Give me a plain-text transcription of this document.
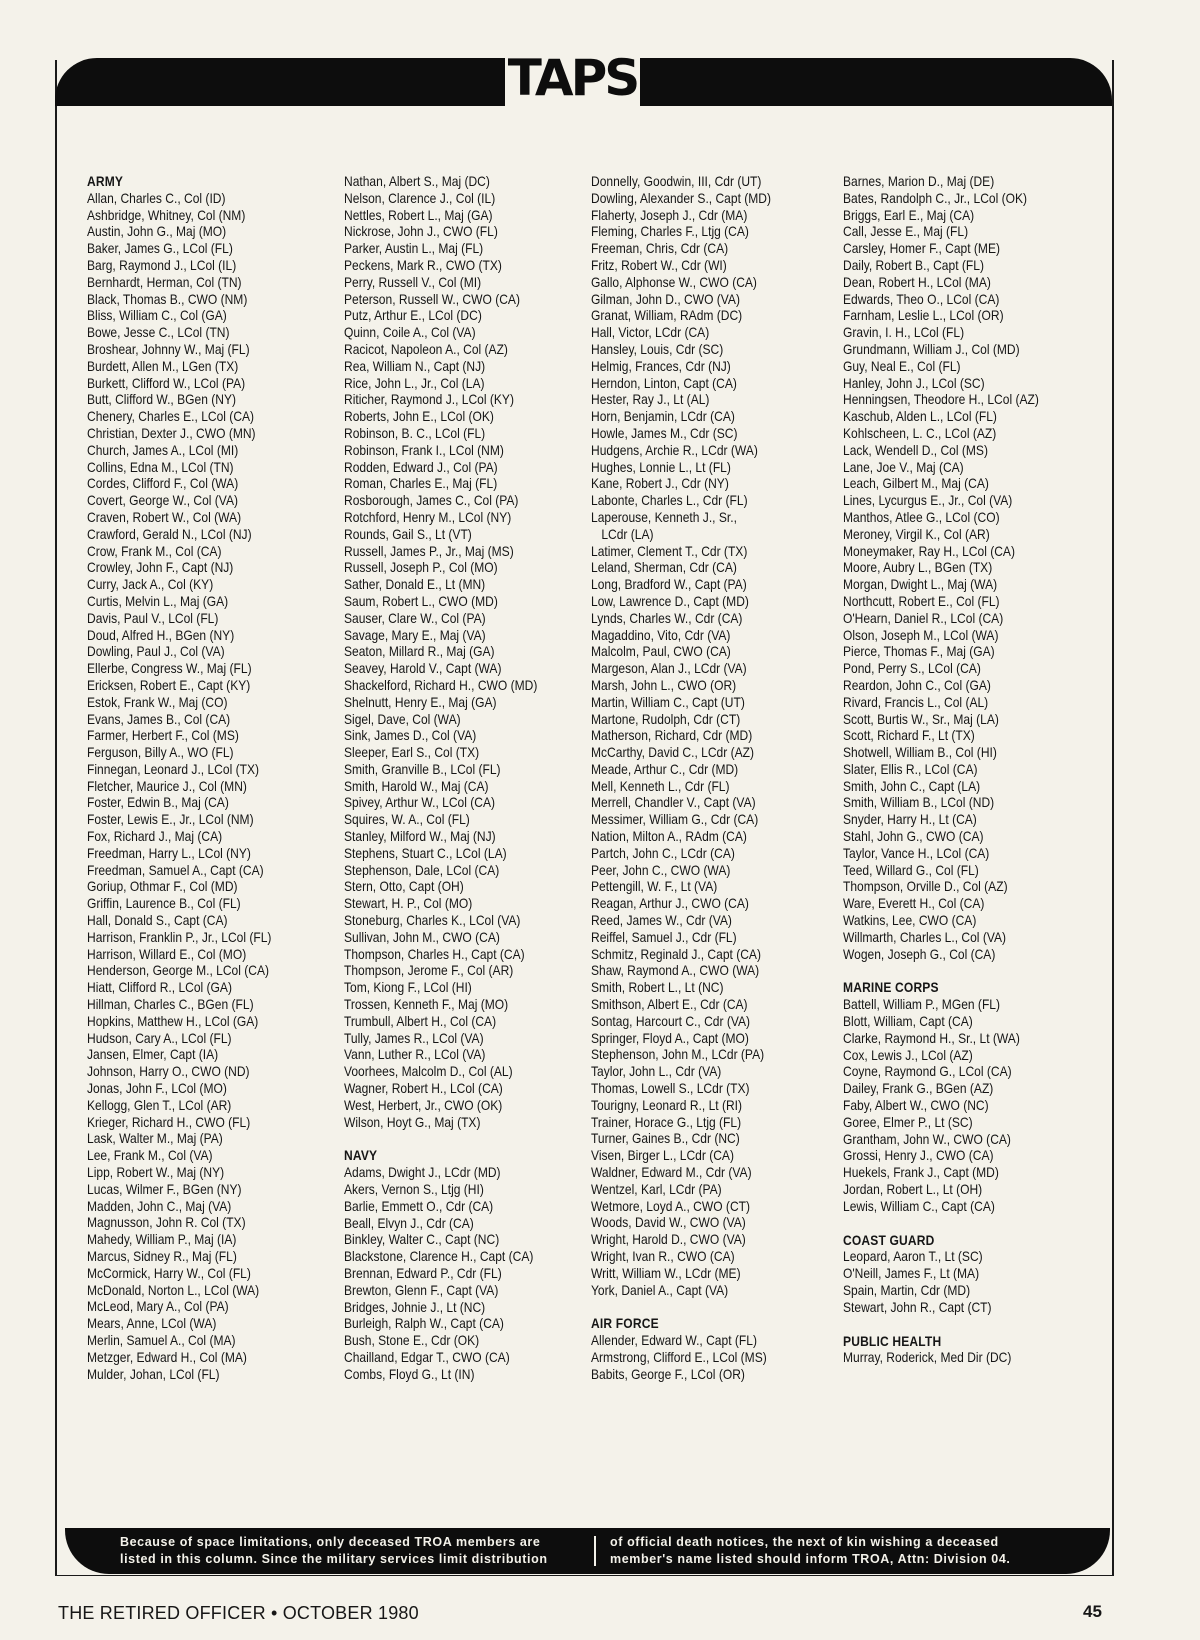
TAPS
ARMY
Allan, Charles C., Col (ID)
Ashbridge, Whitney, Col (NM)
Austin, John G., Maj (MO)
Baker, James G., LCol (FL)
Barg, Raymond J., LCol (IL)
Bernhardt, Herman, Col (TN)
Black, Thomas B., CWO (NM)
Bliss, William C., Col (GA)
Bowe, Jesse C., LCol (TN)
Broshear, Johnny W., Maj (FL)
Burdett, Allen M., LGen (TX)
Burkett, Clifford W., LCol (PA)
Butt, Clifford W., BGen (NY)
Chenery, Charles E., LCol (CA)
Christian, Dexter J., CWO (MN)
Church, James A., LCol (MI)
Collins, Edna M., LCol (TN)
Cordes, Clifford F., Col (WA)
Covert, George W., Col (VA)
Craven, Robert W., Col (WA)
Crawford, Gerald N., LCol (NJ)
Crow, Frank M., Col (CA)
Crowley, John F., Capt (NJ)
Curry, Jack A., Col (KY)
Curtis, Melvin L., Maj (GA)
Davis, Paul V., LCol (FL)
Doud, Alfred H., BGen (NY)
Dowling, Paul J., Col (VA)
Ellerbe, Congress W., Maj (FL)
Ericksen, Robert E., Capt (KY)
Estok, Frank W., Maj (CO)
Evans, James B., Col (CA)
Farmer, Herbert F., Col (MS)
Ferguson, Billy A., WO (FL)
Finnegan, Leonard J., LCol (TX)
Fletcher, Maurice J., Col (MN)
Foster, Edwin B., Maj (CA)
Foster, Lewis E., Jr., LCol (NM)
Fox, Richard J., Maj (CA)
Freedman, Harry L., LCol (NY)
Freedman, Samuel A., Capt (CA)
Goriup, Othmar F., Col (MD)
Griffin, Laurence B., Col (FL)
Hall, Donald S., Capt (CA)
Harrison, Franklin P., Jr., LCol (FL)
Harrison, Willard E., Col (MO)
Henderson, George M., LCol (CA)
Hiatt, Clifford R., LCol (GA)
Hillman, Charles C., BGen (FL)
Hopkins, Matthew H., LCol (GA)
Hudson, Cary A., LCol (FL)
Jansen, Elmer, Capt (IA)
Johnson, Harry O., CWO (ND)
Jonas, John F., LCol (MO)
Kellogg, Glen T., LCol (AR)
Krieger, Richard H., CWO (FL)
Lask, Walter M., Maj (PA)
Lee, Frank M., Col (VA)
Lipp, Robert W., Maj (NY)
Lucas, Wilmer F., BGen (NY)
Madden, John C., Maj (VA)
Magnusson, John R. Col (TX)
Mahedy, William P., Maj (IA)
Marcus, Sidney R., Maj (FL)
McCormick, Harry W., Col (FL)
McDonald, Norton L., LCol (WA)
McLeod, Mary A., Col (PA)
Mears, Anne, LCol (WA)
Merlin, Samuel A., Col (MA)
Metzger, Edward H., Col (MA)
Mulder, Johan, LCol (FL)
Nathan, Albert S., Maj (DC)
Nelson, Clarence J., Col (IL)
Nettles, Robert L., Maj (GA)
Nickrose, John J., CWO (FL)
Parker, Austin L., Maj (FL)
Peckens, Mark R., CWO (TX)
Perry, Russell V., Col (MI)
Peterson, Russell W., CWO (CA)
Putz, Arthur E., LCol (DC)
Quinn, Coile A., Col (VA)
Racicot, Napoleon A., Col (AZ)
Rea, William N., Capt (NJ)
Rice, John L., Jr., Col (LA)
Riticher, Raymond J., LCol (KY)
Roberts, John E., LCol (OK)
Robinson, B. C., LCol (FL)
Robinson, Frank I., LCol (NM)
Rodden, Edward J., Col (PA)
Roman, Charles E., Maj (FL)
Rosborough, James C., Col (PA)
Rotchford, Henry M., LCol (NY)
Rounds, Gail S., Lt (VT)
Russell, James P., Jr., Maj (MS)
Russell, Joseph P., Col (MO)
Sather, Donald E., Lt (MN)
Saum, Robert L., CWO (MD)
Sauser, Clare W., Col (PA)
Savage, Mary E., Maj (VA)
Seaton, Millard R., Maj (GA)
Seavey, Harold V., Capt (WA)
Shackelford, Richard H., CWO (MD)
Shelnutt, Henry E., Maj (GA)
Sigel, Dave, Col (WA)
Sink, James D., Col (VA)
Sleeper, Earl S., Col (TX)
Smith, Granville B., LCol (FL)
Smith, Harold W., Maj (CA)
Spivey, Arthur W., LCol (CA)
Squires, W. A., Col (FL)
Stanley, Milford W., Maj (NJ)
Stephens, Stuart C., LCol (LA)
Stephenson, Dale, LCol (CA)
Stern, Otto, Capt (OH)
Stewart, H. P., Col (MO)
Stoneburg, Charles K., LCol (VA)
Sullivan, John M., CWO (CA)
Thompson, Charles H., Capt (CA)
Thompson, Jerome F., Col (AR)
Tom, Kiong F., LCol (HI)
Trossen, Kenneth F., Maj (MO)
Trumbull, Albert H., Col (CA)
Tully, James R., LCol (VA)
Vann, Luther R., LCol (VA)
Voorhees, Malcolm D., Col (AL)
Wagner, Robert H., LCol (CA)
West, Herbert, Jr., CWO (OK)
Wilson, Hoyt G., Maj (TX)
NAVY
Adams, Dwight J., LCdr (MD)
Akers, Vernon S., Ltjg (HI)
Barlie, Emmett O., Cdr (CA)
Beall, Elvyn J., Cdr (CA)
Binkley, Walter C., Capt (NC)
Blackstone, Clarence H., Capt (CA)
Brennan, Edward P., Cdr (FL)
Brewton, Glenn F., Capt (VA)
Bridges, Johnie J., Lt (NC)
Burleigh, Ralph W., Capt (CA)
Bush, Stone E., Cdr (OK)
Chailland, Edgar T., CWO (CA)
Combs, Floyd G., Lt (IN)
Donnelly, Goodwin, III, Cdr (UT)
Dowling, Alexander S., Capt (MD)
Flaherty, Joseph J., Cdr (MA)
Fleming, Charles F., Ltjg (CA)
Freeman, Chris, Cdr (CA)
Fritz, Robert W., Cdr (WI)
Gallo, Alphonse W., CWO (CA)
Gilman, John D., CWO (VA)
Granat, William, RAdm (DC)
Hall, Victor, LCdr (CA)
Hansley, Louis, Cdr (SC)
Helmig, Frances, Cdr (NJ)
Herndon, Linton, Capt (CA)
Hester, Ray J., Lt (AL)
Horn, Benjamin, LCdr (CA)
Howle, James M., Cdr (SC)
Hudgens, Archie R., LCdr (WA)
Hughes, Lonnie L., Lt (FL)
Kane, Robert J., Cdr (NY)
Labonte, Charles L., Cdr (FL)
Laperouse, Kenneth J., Sr.,
LCdr (LA)
Latimer, Clement T., Cdr (TX)
Leland, Sherman, Cdr (CA)
Long, Bradford W., Capt (PA)
Low, Lawrence D., Capt (MD)
Lynds, Charles W., Cdr (CA)
Magaddino, Vito, Cdr (VA)
Malcolm, Paul, CWO (CA)
Margeson, Alan J., LCdr (VA)
Marsh, John L., CWO (OR)
Martin, William C., Capt (UT)
Martone, Rudolph, Cdr (CT)
Matherson, Richard, Cdr (MD)
McCarthy, David C., LCdr (AZ)
Meade, Arthur C., Cdr (MD)
Mell, Kenneth L., Cdr (FL)
Merrell, Chandler V., Capt (VA)
Messimer, William G., Cdr (CA)
Nation, Milton A., RAdm (CA)
Partch, John C., LCdr (CA)
Peer, John C., CWO (WA)
Pettengill, W. F., Lt (VA)
Reagan, Arthur J., CWO (CA)
Reed, James W., Cdr (VA)
Reiffel, Samuel J., Cdr (FL)
Schmitz, Reginald J., Capt (CA)
Shaw, Raymond A., CWO (WA)
Smith, Robert L., Lt (NC)
Smithson, Albert E., Cdr (CA)
Sontag, Harcourt C., Cdr (VA)
Springer, Floyd A., Capt (MO)
Stephenson, John M., LCdr (PA)
Taylor, John L., Cdr (VA)
Thomas, Lowell S., LCdr (TX)
Tourigny, Leonard R., Lt (RI)
Trainer, Horace G., Ltjg (FL)
Turner, Gaines B., Cdr (NC)
Visen, Birger L., LCdr (CA)
Waldner, Edward M., Cdr (VA)
Wentzel, Karl, LCdr (PA)
Wetmore, Loyd A., CWO (CT)
Woods, David W., CWO (VA)
Wright, Harold D., CWO (VA)
Wright, Ivan R., CWO (CA)
Writt, William W., LCdr (ME)
York, Daniel A., Capt (VA)
AIR FORCE
Allender, Edward W., Capt (FL)
Armstrong, Clifford E., LCol (MS)
Babits, George F., LCol (OR)
Barnes, Marion D., Maj (DE)
Bates, Randolph C., Jr., LCol (OK)
Briggs, Earl E., Maj (CA)
Call, Jesse E., Maj (FL)
Carsley, Homer F., Capt (ME)
Daily, Robert B., Capt (FL)
Dean, Robert H., LCol (MA)
Edwards, Theo O., LCol (CA)
Farnham, Leslie L., LCol (OR)
Gravin, I. H., LCol (FL)
Grundmann, William J., Col (MD)
Guy, Neal E., Col (FL)
Hanley, John J., LCol (SC)
Henningsen, Theodore H., LCol (AZ)
Kaschub, Alden L., LCol (FL)
Kohlscheen, L. C., LCol (AZ)
Lack, Wendell D., Col (MS)
Lane, Joe V., Maj (CA)
Leach, Gilbert M., Maj (CA)
Lines, Lycurgus E., Jr., Col (VA)
Manthos, Atlee G., LCol (CO)
Meroney, Virgil K., Col (AR)
Moneymaker, Ray H., LCol (CA)
Moore, Aubry L., BGen (TX)
Morgan, Dwight L., Maj (WA)
Northcutt, Robert E., Col (FL)
O'Hearn, Daniel R., LCol (CA)
Olson, Joseph M., LCol (WA)
Pierce, Thomas F., Maj (GA)
Pond, Perry S., LCol (CA)
Reardon, John C., Col (GA)
Rivard, Francis L., Col (AL)
Scott, Burtis W., Sr., Maj (LA)
Scott, Richard F., Lt (TX)
Shotwell, William B., Col (HI)
Slater, Ellis R., LCol (CA)
Smith, John C., Capt (LA)
Smith, William B., LCol (ND)
Snyder, Harry H., Lt (CA)
Stahl, John G., CWO (CA)
Taylor, Vance H., LCol (CA)
Teed, Willard G., Col (FL)
Thompson, Orville D., Col (AZ)
Ware, Everett H., Col (CA)
Watkins, Lee, CWO (CA)
Willmarth, Charles L., Col (VA)
Wogen, Joseph G., Col (CA)
MARINE CORPS
Battell, William P., MGen (FL)
Blott, William, Capt (CA)
Clarke, Raymond H., Sr., Lt (WA)
Cox, Lewis J., LCol (AZ)
Coyne, Raymond G., LCol (CA)
Dailey, Frank G., BGen (AZ)
Faby, Albert W., CWO (NC)
Goree, Elmer P., Lt (SC)
Grantham, John W., CWO (CA)
Grossi, Henry J., CWO (CA)
Huekels, Frank J., Capt (MD)
Jordan, Robert L., Lt (OH)
Lewis, William C., Capt (CA)
COAST GUARD
Leopard, Aaron T., Lt (SC)
O'Neill, James F., Lt (MA)
Spain, Martin, Cdr (MD)
Stewart, John R., Capt (CT)
PUBLIC HEALTH
Murray, Roderick, Med Dir (DC)
Because of space limitations, only deceased TROA members are
listed in this column. Since the military services limit distribution
of official death notices, the next of kin wishing a deceased
member's name listed should inform TROA, Attn: Division 04.
THE RETIRED OFFICER • OCTOBER 1980	45
